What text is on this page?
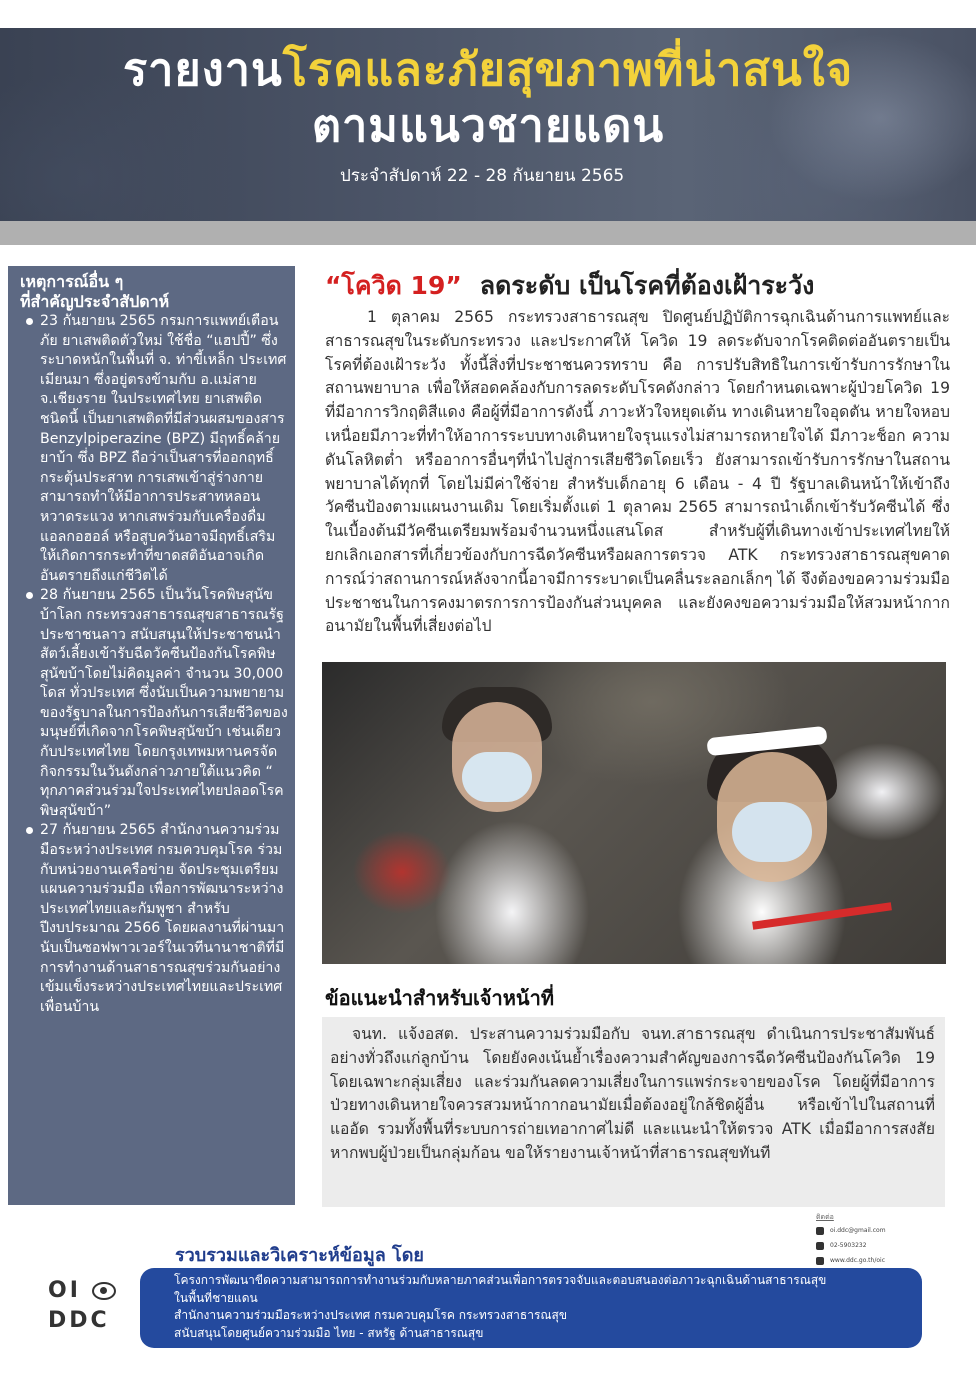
รายงานโรคและภัยสุขภาพที่น่าสนใจ
ตามแนวชายแดน
ประจำสัปดาห์ 22 - 28 กันยายน 2565
เหตุการณ์อื่น ๆ
ที่สำคัญประจำสัปดาห์
23 กันยายน 2565 กรมการแพทย์เตือนภัย ยาเสพติดตัวใหม่ ใช้ชื่อ “แฮปปี้” ซึ่งระบาดหนักในพื้นที่ จ. ท่าขี้เหล็ก ประเทศเมียนมา ซึ่งอยู่ตรงข้ามกับ อ.แม่สาย จ.เชียงราย ในประเทศไทย ยาเสพติดชนิดนี้ เป็นยาเสพติดที่มีส่วนผสมของสาร Benzylpiperazine (BPZ) มีฤทธิ์คล้ายยาบ้า ซึ่ง BPZ ถือว่าเป็นสารที่ออกฤทธิ์กระตุ้นประสาท การเสพเข้าสู่ร่างกาย สามารถทำให้มีอาการประสาทหลอน หวาดระแวง หากเสพร่วมกับเครื่องดื่มแอลกอฮอล์ หรือสูบควันอาจมีฤทธิ์เสริมให้เกิดการกระทำที่ขาดสติอันอาจเกิดอันตรายถึงแก่ชีวิตได้
28 กันยายน 2565 เป็นวันโรคพิษสุนัขบ้าโลก กระทรวงสาธารณสุขสาธารณรัฐประชาชนลาว สนับสนุนให้ประชาชนนำสัตว์เลี้ยงเข้ารับฉีดวัคซีนป้องกันโรคพิษสุนัขบ้าโดยไม่คิดมูลค่า จำนวน 30,000 โดส ทั่วประเทศ ซึ่งนับเป็นความพยายามของรัฐบาลในการป้องกันการเสียชีวิตของมนุษย์ที่เกิดจากโรคพิษสุนัขบ้า เช่นเดียวกับประเทศไทย โดยกรุงเทพมหานครจัดกิจกรรมในวันดังกล่าวภายใต้แนวคิด “ ทุกภาคส่วนร่วมใจประเทศไทยปลอดโรคพิษสุนัขบ้า”
27 กันยายน 2565 สำนักงานความร่วมมือระหว่างประเทศ กรมควบคุมโรค ร่วมกับหน่วยงานเครือข่าย จัดประชุมเตรียมแผนความร่วมมือ เพื่อการพัฒนาระหว่างประเทศไทยและกัมพูชา สำหรับปีงบประมาณ 2566 โดยผลงานที่ผ่านมา นับเป็นซอฟพาวเวอร์ในเวทีนานาชาติที่มีการทำงานด้านสาธารณสุขร่วมกันอย่างเข้มแข็งระหว่างประเทศไทยและประเทศเพื่อนบ้าน
“โควิด 19” ลดระดับ เป็นโรคที่ต้องเฝ้าระวัง
1 ตุลาคม 2565 กระทรวงสาธารณสุข ปิดศูนย์ปฏิบัติการฉุกเฉินด้านการแพทย์และสาธารณสุขในระดับกระทรวง และประกาศให้ โควิด 19 ลดระดับจากโรคติดต่ออันตรายเป็นโรคที่ต้องเฝ้าระวัง ทั้งนี้สิ่งที่ประชาชนควรทราบ คือ การปรับสิทธิในการเข้ารับการรักษาในสถานพยาบาล เพื่อให้สอดคล้องกับการลดระดับโรคดังกล่าว โดยกำหนดเฉพาะผู้ป่วยโควิด 19 ที่มีอาการวิกฤติสีแดง คือผู้ที่มีอาการดังนี้ ภาวะหัวใจหยุดเต้น ทางเดินหายใจอุดตัน หายใจหอบเหนื่อยมีภาวะที่ทำให้อาการระบบทางเดินหายใจรุนแรงไม่สามารถหายใจได้ มีภาวะช็อก ความดันโลหิตต่ำ หรืออาการอื่นๆที่นำไปสู่การเสียชีวิตโดยเร็ว ยังสามารถเข้ารับการรักษาในสถานพยาบาลได้ทุกที่ โดยไม่มีค่าใช้จ่าย สำหรับเด็กอายุ 6 เดือน - 4 ปี รัฐบาลเดินหน้าให้เข้าถึงวัคซีนป้องตามแผนงานเดิม โดยเริ่มตั้งแต่ 1 ตุลาคม 2565 สามารถนำเด็กเข้ารับวัคซีนได้ ซึ่งในเบื้องต้นมีวัคซีนเตรียมพร้อมจำนวนหนึ่งแสนโดส สำหรับผู้ที่เดินทางเข้าประเทศไทยให้ยกเลิกเอกสารที่เกี่ยวข้องกับการฉีดวัคซีนหรือผลการตรวจ ATK กระทรวงสาธารณสุขคาดการณ์ว่าสถานการณ์หลังจากนี้อาจมีการระบาดเป็นคลื่นระลอกเล็กๆ ได้ จึงต้องขอความร่วมมือประชาชนในการคงมาตรการการป้องกันส่วนบุคคล และยังคงขอความร่วมมือให้สวมหน้ากากอนามัยในพื้นที่เสี่ยงต่อไป
ข้อแนะนำสำหรับเจ้าหน้าที่
จนท. แจ้งอสต. ประสานความร่วมมือกับ จนท.สาธารณสุข ดำเนินการประชาสัมพันธ์อย่างทั่วถึงแก่ลูกบ้าน โดยยังคงเน้นย้ำเรื่องความสำคัญของการฉีดวัคซีนป้องกันโควิด 19 โดยเฉพาะกลุ่มเสี่ยง และร่วมกันลดความเสี่ยงในการแพร่กระจายของโรค โดยผู้ที่มีอาการป่วยทางเดินหายใจควรสวมหน้ากากอนามัยเมื่อต้องอยู่ใกล้ชิดผู้อื่น หรือเข้าไปในสถานที่แออัด รวมทั้งพื้นที่ระบบการถ่ายเทอากาศไม่ดี และแนะนำให้ตรวจ ATK เมื่อมีอาการสงสัย หากพบผู้ป่วยเป็นกลุ่มก้อน ขอให้รายงานเจ้าหน้าที่สาธารณสุขทันที
รวบรวมและวิเคราะห์ข้อมูล โดย
ติดต่อ
oi.ddc@gmail.com
02-5903232
www.ddc.go.th/oic
โครงการพัฒนาขีดความสามารถการทำงานร่วมกับหลายภาคส่วนเพื่อการตรวจจับและตอบสนองต่อภาวะฉุกเฉินด้านสาธารณสุข
ในพื้นที่ชายแดน
สำนักงานความร่วมมือระหว่างประเทศ กรมควบคุมโรค กระทรวงสาธารณสุข
สนับสนุนโดยศูนย์ความร่วมมือ ไทย - สหรัฐ ด้านสาธารณสุข
OI
DDC
